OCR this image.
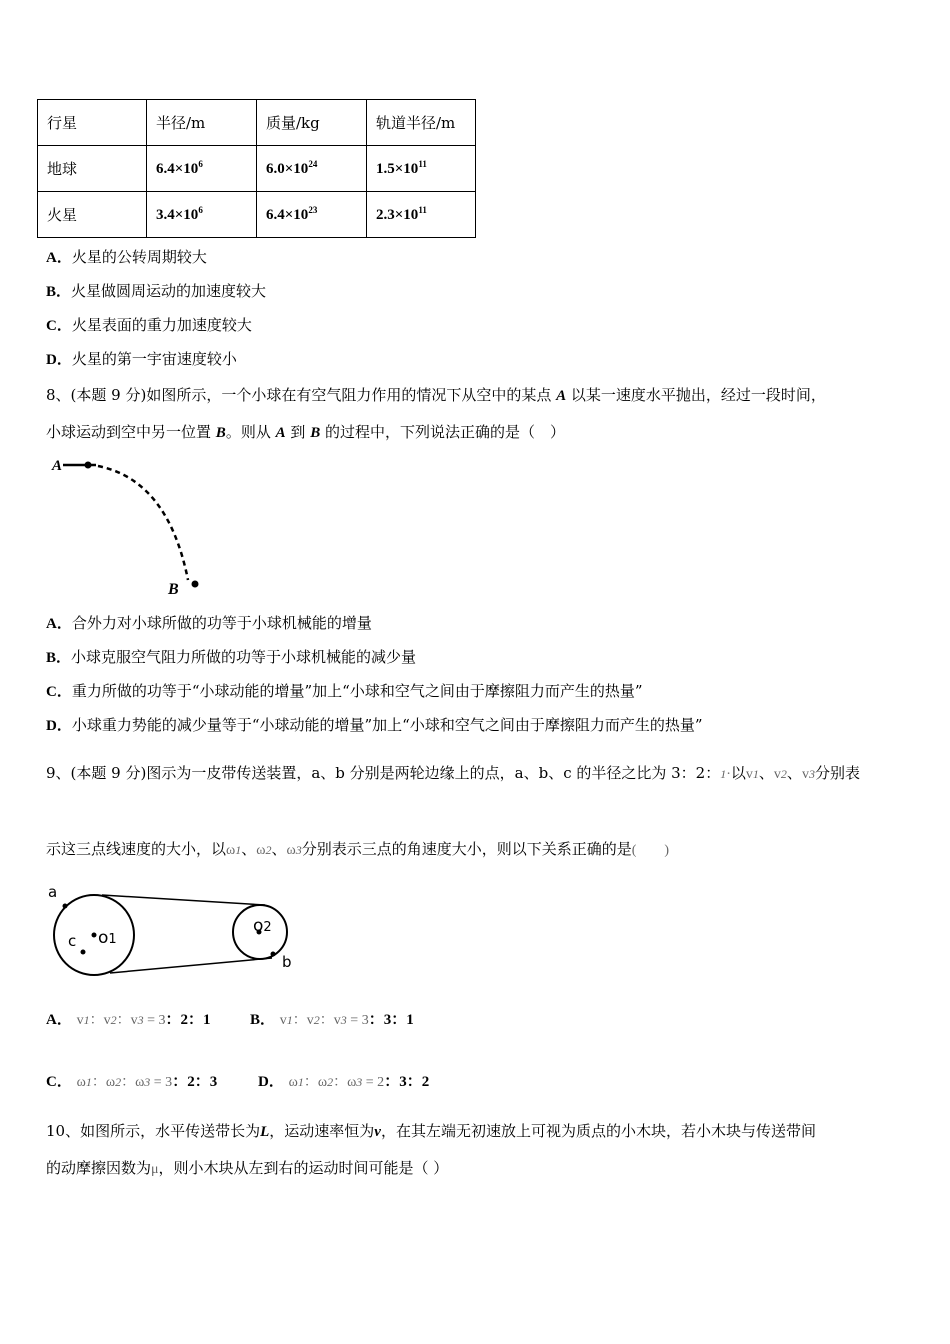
行星	半径/m	质量/kg	轨道半径/m
地球	$6.4\times 10^6$	$6.0\times 10^{24}$	$1.5\times 10^{11}$
火星	$3.4\times 10^6$	$6.4\times 10^{23}$	$2.3\times 10^{11}$
A．火星的公转周期较大
B．火星做圆周运动的加速度较大
C．火星表面的重力加速度较大
D．火星的第一宇宙速度较小
8、(本题 9 分)如图所示，一个小球在有空气阻力作用的情况下从空中的某点 A 以某一速度水平抛出，经过一段时间，
小球运动到空中另一位置 B。则从 A 到 B 的过程中，下列说法正确的是（　）
A
B
A．合外力对小球所做的功等于小球机械能的增量
B．小球克服空气阻力所做的功等于小球机械能的减少量
C．重力所做的功等于“小球动能的增量”加上“小球和空气之间由于摩擦阻力而产生的热量”
D．小球重力势能的减少量等于“小球动能的增量”加上“小球和空气之间由于摩擦阻力而产生的热量”
9、(本题 9 分)图示为一皮带传送装置，a、b 分别是两轮边缘上的点，a、b、c 的半径之比为 3：2：1·以v1、v2、v3分别表
示这三点线速度的大小，以ω1、ω2、ω3分别表示三点的角速度大小，则以下关系正确的是(　　)
a
c o1
o2
b
A． v1：v2：v3 = 3：2：1	B． v1：v2：v3 = 3：3：1
C． ω1：ω2：ω3 = 3：2：3	D． ω1：ω2：ω3 = 2：3：2
10、如图所示，水平传送带长为L，运动速率恒为v，在其左端无初速放上可视为质点的小木块，若小木块与传送带间
的动摩擦因数为μ，则小木块从左到右的运动时间可能是（ ）
